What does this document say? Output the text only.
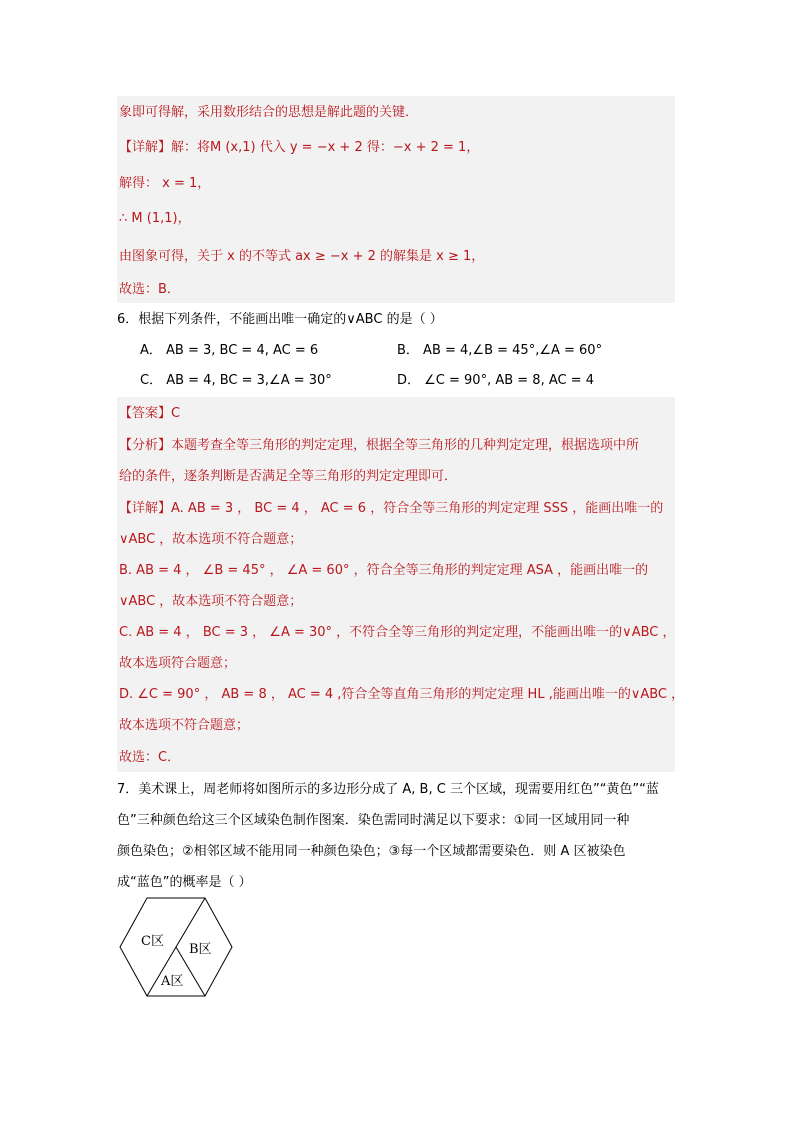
象即可得解，采用数形结合的思想是解此题的关键．
【详解】解：将M (x,1) 代入 y = −x + 2 得：−x + 2 = 1，
解得： x = 1，
∴ M (1,1)，
由图象可得，关于 x 的不等式 ax ≥ −x + 2 的解集是 x ≥ 1，
故选：B．
6．根据下列条件，不能画出唯一确定的∨ABC 的是（ ）
A． AB = 3, BC = 4, AC = 6	B． AB = 4,∠B = 45°,∠A = 60°
C． AB = 4, BC = 3,∠A = 30°	D． ∠C = 90°, AB = 8, AC = 4
【答案】C
【分析】本题考查全等三角形的判定定理，根据全等三角形的几种判定定理，根据选项中所
给的条件，逐条判断是否满足全等三角形的判定定理即可．
【详解】A. AB = 3 ， BC = 4 ， AC = 6 ，符合全等三角形的判定定理 SSS ，能画出唯一的
∨ABC ，故本选项不符合题意；
B. AB = 4 ， ∠B = 45° ， ∠A = 60° ，符合全等三角形的判定定理 ASA ，能画出唯一的
∨ABC ，故本选项不符合题意；
C. AB = 4 ， BC = 3 ， ∠A = 30° ，不符合全等三角形的判定定理，不能画出唯一的∨ABC ，
故本选项符合题意；
D. ∠C = 90° ， AB = 8 ， AC = 4 ,符合全等直角三角形的判定定理 HL ,能画出唯一的∨ABC ，
故本选项不符合题意；
故选：C．
7．美术课上，周老师将如图所示的多边形分成了 A, B, C 三个区域，现需要用红色”“黄色”“蓝
色”三种颜色给这三个区域染色制作图案．染色需同时满足以下要求：①同一区域用同一种
颜色染色；②相邻区域不能用同一种颜色染色；③每一个区域都需要染色．则 A 区被染色
成“蓝色”的概率是（ ）
C区
B区
A区
